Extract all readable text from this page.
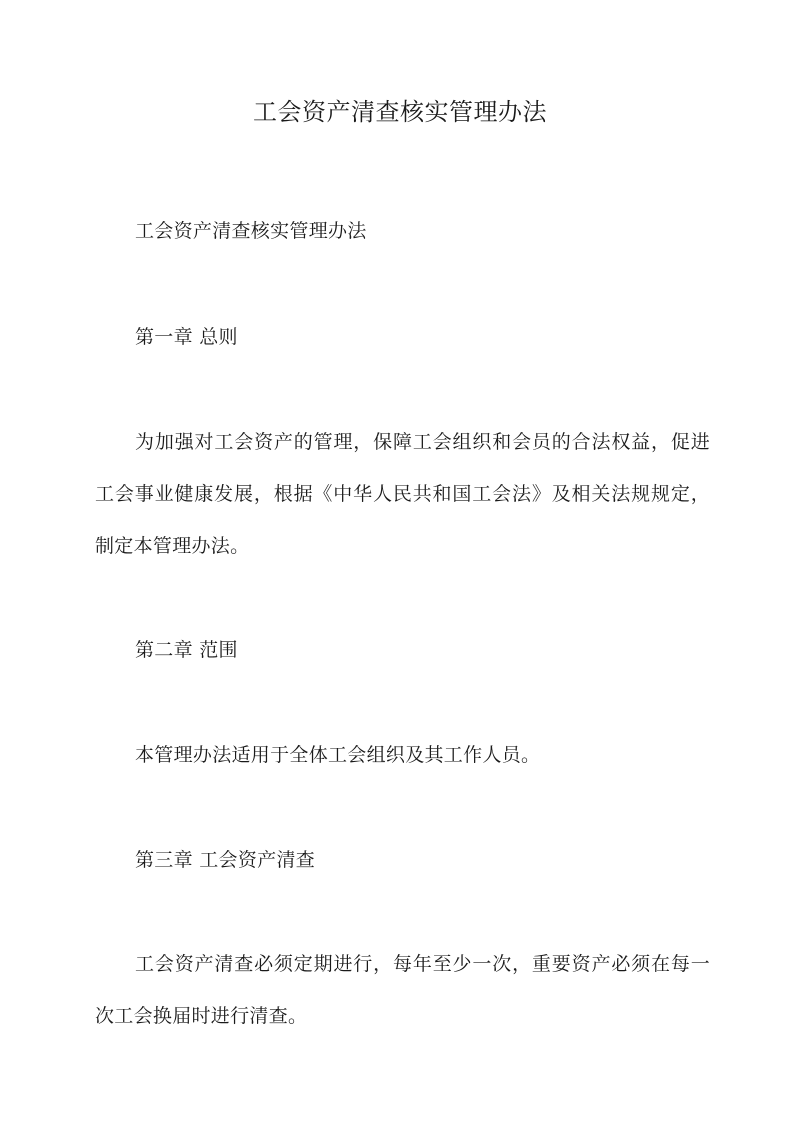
工会资产清查核实管理办法

工会资产清查核实管理办法

第一章 总则

为加强对工会资产的管理，保障工会组织和会员的合法权益，促进工会事业健康发展，根据《中华人民共和国工会法》及相关法规规定，制定本管理办法。

第二章 范围

本管理办法适用于全体工会组织及其工作人员。

第三章 工会资产清查

工会资产清查必须定期进行，每年至少一次，重要资产必须在每一次工会换届时进行清查。
